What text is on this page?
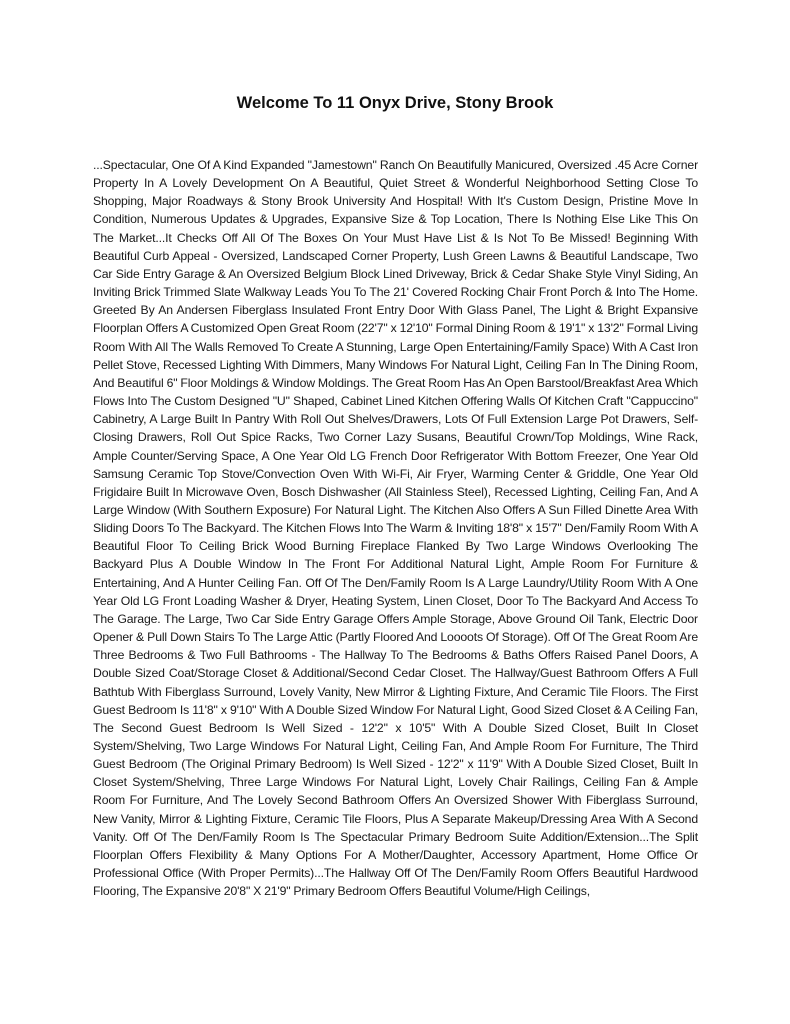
Welcome To 11 Onyx Drive, Stony Brook
...Spectacular, One Of A Kind Expanded "Jamestown" Ranch On Beautifully Manicured, Oversized .45 Acre Corner Property In A Lovely Development On A Beautiful, Quiet Street & Wonderful Neighborhood Setting Close To Shopping, Major Roadways & Stony Brook University And Hospital! With It's Custom Design, Pristine Move In Condition, Numerous Updates & Upgrades, Expansive Size & Top Location, There Is Nothing Else Like This On The Market...It Checks Off All Of The Boxes On Your Must Have List & Is Not To Be Missed! Beginning With Beautiful Curb Appeal - Oversized, Landscaped Corner Property, Lush Green Lawns & Beautiful Landscape, Two Car Side Entry Garage & An Oversized Belgium Block Lined Driveway, Brick & Cedar Shake Style Vinyl Siding, An Inviting Brick Trimmed Slate Walkway Leads You To The 21' Covered Rocking Chair Front Porch & Into The Home. Greeted By An Andersen Fiberglass Insulated Front Entry Door With Glass Panel, The Light & Bright Expansive Floorplan Offers A Customized Open Great Room (22'7" x 12'10" Formal Dining Room & 19'1" x 13'2" Formal Living Room With All The Walls Removed To Create A Stunning, Large Open Entertaining/Family Space) With A Cast Iron Pellet Stove, Recessed Lighting With Dimmers, Many Windows For Natural Light, Ceiling Fan In The Dining Room, And Beautiful 6" Floor Moldings & Window Moldings. The Great Room Has An Open Barstool/Breakfast Area Which Flows Into The Custom Designed "U" Shaped, Cabinet Lined Kitchen Offering Walls Of Kitchen Craft "Cappuccino" Cabinetry, A Large Built In Pantry With Roll Out Shelves/Drawers, Lots Of Full Extension Large Pot Drawers, Self-Closing Drawers, Roll Out Spice Racks, Two Corner Lazy Susans, Beautiful Crown/Top Moldings, Wine Rack, Ample Counter/Serving Space, A One Year Old LG French Door Refrigerator With Bottom Freezer, One Year Old Samsung Ceramic Top Stove/Convection Oven With Wi-Fi, Air Fryer, Warming Center & Griddle, One Year Old Frigidaire Built In Microwave Oven, Bosch Dishwasher (All Stainless Steel), Recessed Lighting, Ceiling Fan, And A Large Window (With Southern Exposure) For Natural Light. The Kitchen Also Offers A Sun Filled Dinette Area With Sliding Doors To The Backyard. The Kitchen Flows Into The Warm & Inviting 18'8" x 15'7" Den/Family Room With A Beautiful Floor To Ceiling Brick Wood Burning Fireplace Flanked By Two Large Windows Overlooking The Backyard Plus A Double Window In The Front For Additional Natural Light, Ample Room For Furniture & Entertaining, And A Hunter Ceiling Fan. Off Of The Den/Family Room Is A Large Laundry/Utility Room With A One Year Old LG Front Loading Washer & Dryer, Heating System, Linen Closet, Door To The Backyard And Access To The Garage. The Large, Two Car Side Entry Garage Offers Ample Storage, Above Ground Oil Tank, Electric Door Opener & Pull Down Stairs To The Large Attic (Partly Floored And Loooots Of Storage). Off Of The Great Room Are Three Bedrooms & Two Full Bathrooms - The Hallway To The Bedrooms & Baths Offers Raised Panel Doors, A Double Sized Coat/Storage Closet & Additional/Second Cedar Closet. The Hallway/Guest Bathroom Offers A Full Bathtub With Fiberglass Surround, Lovely Vanity, New Mirror & Lighting Fixture, And Ceramic Tile Floors. The First Guest Bedroom Is 11'8" x 9'10" With A Double Sized Window For Natural Light, Good Sized Closet & A Ceiling Fan, The Second Guest Bedroom Is Well Sized - 12'2" x 10'5" With A Double Sized Closet, Built In Closet System/Shelving, Two Large Windows For Natural Light, Ceiling Fan, And Ample Room For Furniture, The Third Guest Bedroom (The Original Primary Bedroom) Is Well Sized - 12'2" x 11'9" With A Double Sized Closet, Built In Closet System/Shelving, Three Large Windows For Natural Light, Lovely Chair Railings, Ceiling Fan & Ample Room For Furniture, And The Lovely Second Bathroom Offers An Oversized Shower With Fiberglass Surround, New Vanity, Mirror & Lighting Fixture, Ceramic Tile Floors, Plus A Separate Makeup/Dressing Area With A Second Vanity. Off Of The Den/Family Room Is The Spectacular Primary Bedroom Suite Addition/Extension...The Split Floorplan Offers Flexibility & Many Options For A Mother/Daughter, Accessory Apartment, Home Office Or Professional Office (With Proper Permits)...The Hallway Off Of The Den/Family Room Offers Beautiful Hardwood Flooring, The Expansive 20'8" X 21'9" Primary Bedroom Offers Beautiful Volume/High Ceilings,
